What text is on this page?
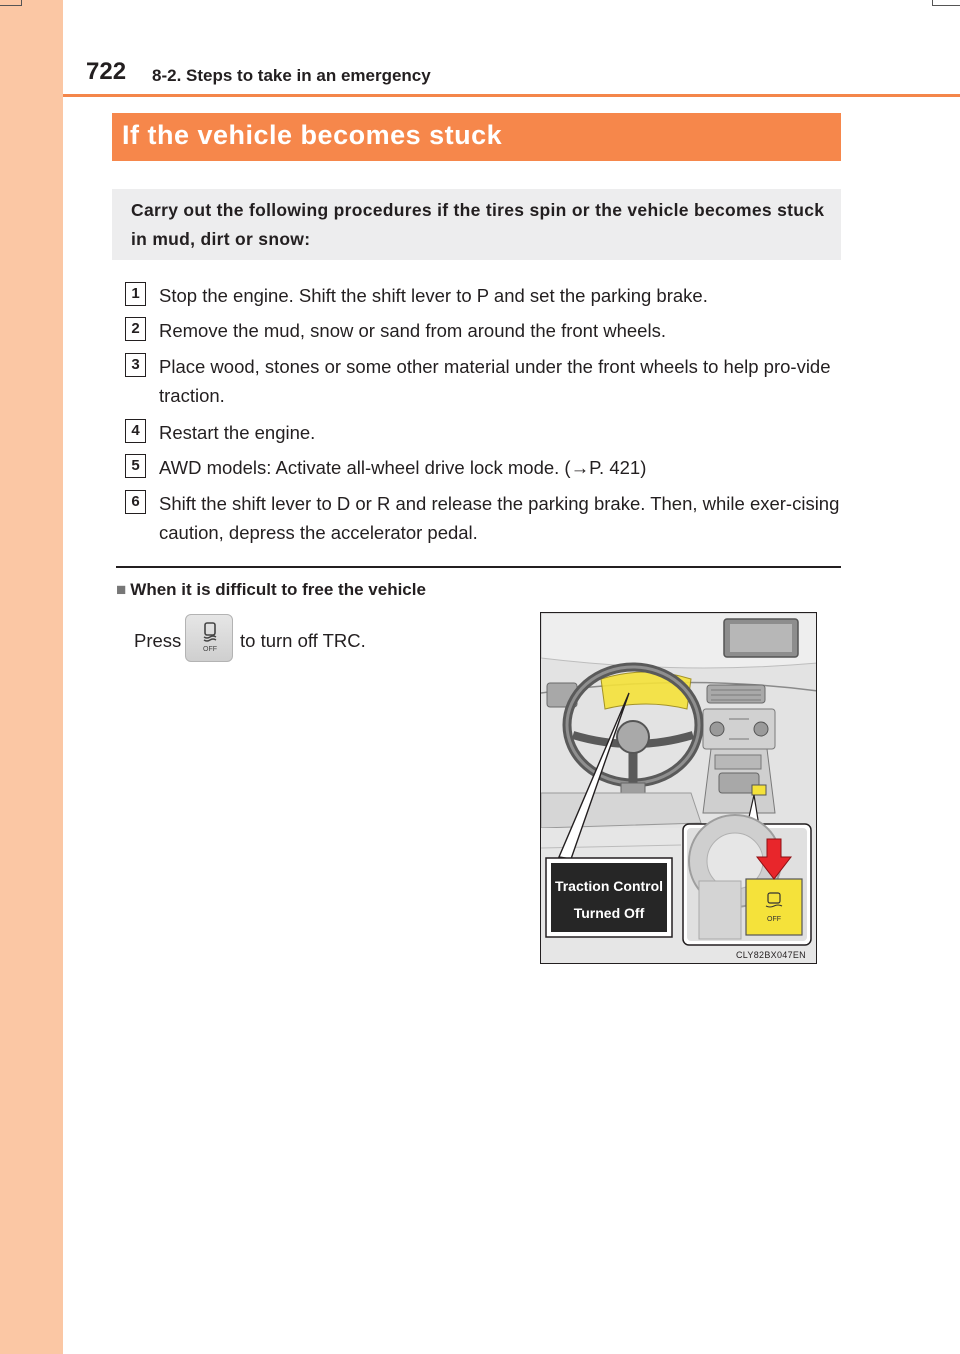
722 8-2. Steps to take in an emergency
If the vehicle becomes stuck
Carry out the following procedures if the tires spin or the vehicle becomes stuck in mud, dirt or snow:
1	Stop the engine. Shift the shift lever to P and set the parking brake.
2	Remove the mud, snow or sand from around the front wheels.
3	Place wood, stones or some other material under the front wheels to help pro-vide traction.
4	Restart the engine.
5	AWD models: Activate all-wheel drive lock mode. (→P. 421)
6	Shift the shift lever to D or R and release the parking brake. Then, while exer-cising caution, depress the accelerator pedal.
■ When it is difficult to free the vehicle
Press	OFF to turn off TRC.
Traction Control
Turned Off	OFF
CLY82BX047EN
